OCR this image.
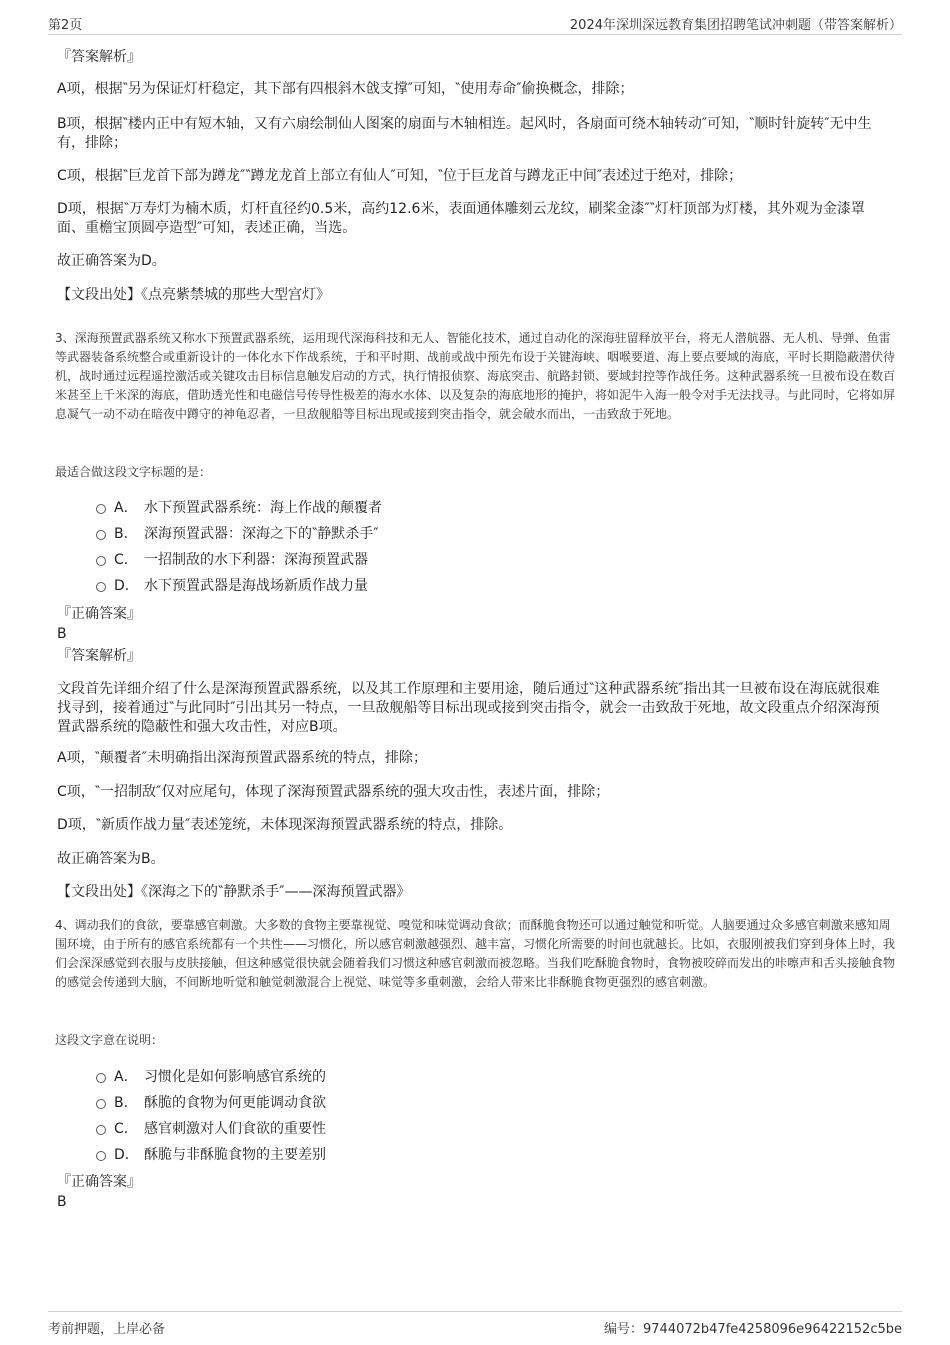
第2页	2024年深圳深远教育集团招聘笔试冲刺题（带答案解析）
『答案解析』
A项，根据‶另为保证灯杆稳定，其下部有四根斜木戗支撑″可知，‶使用寿命″偷换概念，排除；
B项，根据‶楼内正中有短木轴，又有六扇绘制仙人图案的扇面与木轴相连。起风时，各扇面可绕木轴转动″可知，‶顺时针旋转″无中生有，排除；
C项，根据‶巨龙首下部为蹲龙″‶蹲龙龙首上部立有仙人″可知，‶位于巨龙首与蹲龙正中间″表述过于绝对，排除；
D项，根据‶万寿灯为楠木质，灯杆直径约0.5米，高约12.6米，表面通体雕刻云龙纹，刷桨金漆″‶灯杆顶部为灯楼，其外观为金漆罩面、重檐宝顶圆亭造型″可知，表述正确，当选。
故正确答案为D。
【文段出处】《点亮紫禁城的那些大型宫灯》
3、深海预置武器系统又称水下预置武器系统，运用现代深海科技和无人、智能化技术，通过自动化的深海驻留释放平台，将无人潜航器、无人机、导弹、鱼雷等武器装备系统整合或重新设计的一体化水下作战系统，于和平时期、战前或战中预先布设于关键海峡、咽喉要道、海上要点要域的海底，平时长期隐蔽潜伏待机，战时通过远程遥控激活或关键攻击目标信息触发启动的方式，执行情报侦察、海底突击、航路封锁、要域封控等作战任务。这种武器系统一旦被布设在数百米甚至上千米深的海底，借助透光性和电磁信号传导性极差的海水水体、以及复杂的海底地形的掩护，将如泥牛入海一般令对手无法找寻。与此同时，它将如屏息凝气一动不动在暗夜中蹲守的神龟忍者，一旦敌舰船等目标出现或接到突击指令，就会破水而出，一击致敌于死地。
最适合做这段文字标题的是：
A． 水下预置武器系统：海上作战的颠覆者
B． 深海预置武器：深海之下的‶静默杀手″
C． 一招制敌的水下利器：深海预置武器
D． 水下预置武器是海战场新质作战力量
『正确答案』
B
『答案解析』
文段首先详细介绍了什么是深海预置武器系统，以及其工作原理和主要用途，随后通过‶这种武器系统″指出其一旦被布设在海底就很难找寻到，接着通过‶与此同时″引出其另一特点，一旦敌舰船等目标出现或接到突击指令，就会一击致敌于死地，故文段重点介绍深海预置武器系统的隐蔽性和强大攻击性，对应B项。
A项，‶颠覆者″未明确指出深海预置武器系统的特点，排除；
C项，‶一招制敌″仅对应尾句，体现了深海预置武器系统的强大攻击性，表述片面，排除；
D项，‶新质作战力量″表述笼统，未体现深海预置武器系统的特点，排除。
故正确答案为B。
【文段出处】《深海之下的‶静默杀手″——深海预置武器》
4、调动我们的食欲，要靠感官刺激。大多数的食物主要靠视觉、嗅觉和味觉调动食欲；而酥脆食物还可以通过触觉和听觉。人脑要通过众多感官刺激来感知周围环境，由于所有的感官系统都有一个共性——习惯化，所以感官刺激越强烈、越丰富，习惯化所需要的时间也就越长。比如，衣服刚被我们穿到身体上时，我们会深深感觉到衣服与皮肤接触，但这种感觉很快就会随着我们习惯这种感官刺激而被忽略。当我们吃酥脆食物时，食物被咬碎而发出的咔嚓声和舌头接触食物的感觉会传递到大脑，不间断地听觉和触觉刺激混合上视觉、味觉等多重刺激，会给人带来比非酥脆食物更强烈的感官刺激。
这段文字意在说明：
A． 习惯化是如何影响感官系统的
B． 酥脆的食物为何更能调动食欲
C． 感官刺激对人们食欲的重要性
D． 酥脆与非酥脆食物的主要差别
『正确答案』
B
考前押题，上岸必备	编号：9744072b47fe4258096e96422152c5be
